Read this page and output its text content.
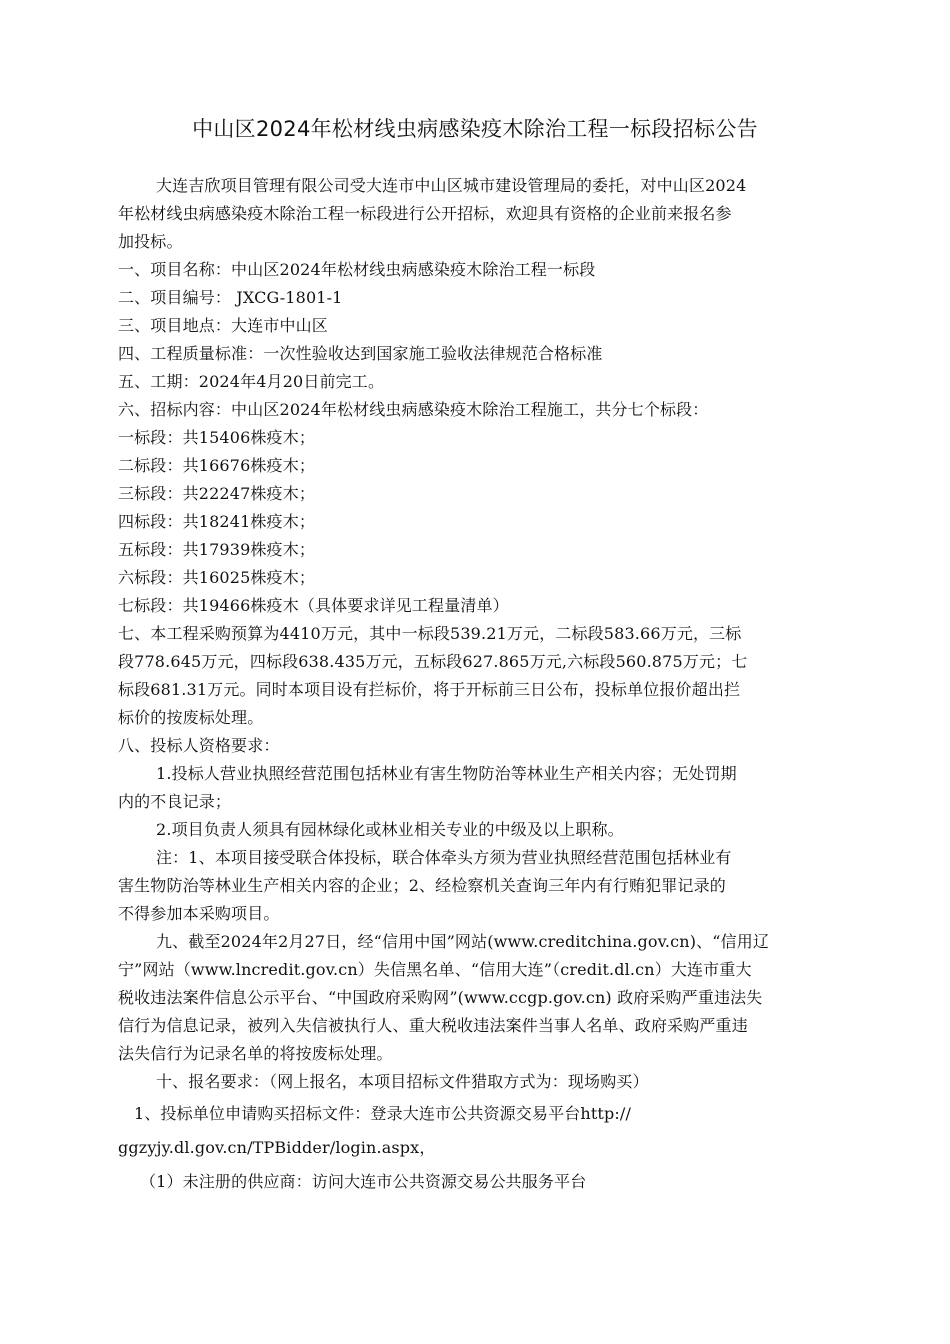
中山区2024年松材线虫病感染疫木除治工程一标段招标公告
大连吉欣项目管理有限公司受大连市中山区城市建设管理局的委托，对中山区2024
年松材线虫病感染疫木除治工程一标段进行公开招标，欢迎具有资格的企业前来报名参
加投标。
一、项目名称：中山区2024年松材线虫病感染疫木除治工程一标段
二、项目编号： JXCG-1801-1
三、项目地点：大连市中山区
四、工程质量标准：一次性验收达到国家施工验收法律规范合格标准
五、工期：2024年4月20日前完工。
六、招标内容：中山区2024年松材线虫病感染疫木除治工程施工，共分七个标段：
一标段：共15406株疫木；
二标段：共16676株疫木；
三标段：共22247株疫木；
四标段：共18241株疫木；
五标段：共17939株疫木；
六标段：共16025株疫木；
七标段：共19466株疫木（具体要求详见工程量清单）
七、本工程采购预算为4410万元，其中一标段539.21万元，二标段583.66万元，三标
段778.645万元，四标段638.435万元，五标段627.865万元,六标段560.875万元；七
标段681.31万元。同时本项目设有拦标价，将于开标前三日公布，投标单位报价超出拦
标价的按废标处理。
八、投标人资格要求：
1.投标人营业执照经营范围包括林业有害生物防治等林业生产相关内容；无处罚期
内的不良记录；
2.项目负责人须具有园林绿化或林业相关专业的中级及以上职称。
注：1、本项目接受联合体投标，联合体牵头方须为营业执照经营范围包括林业有
害生物防治等林业生产相关内容的企业；2、经检察机关查询三年内有行贿犯罪记录的
不得参加本采购项目。
九、截至2024年2月27日，经“信用中国”网站(www.creditchina.gov.cn)、“信用辽
宁”网站（www.lncredit.gov.cn）失信黑名单、“信用大连”（credit.dl.cn）大连市重大
税收违法案件信息公示平台、“中国政府采购网”(www.ccgp.gov.cn) 政府采购严重违法失
信行为信息记录，被列入失信被执行人、重大税收违法案件当事人名单、政府采购严重违
法失信行为记录名单的将按废标处理。
十、报名要求：（网上报名，本项目招标文件猎取方式为：现场购买）
1、投标单位申请购买招标文件：登录大连市公共资源交易平台http://
ggzyjy.dl.gov.cn/TPBidder/login.aspx，
（1）未注册的供应商：访问大连市公共资源交易公共服务平台
